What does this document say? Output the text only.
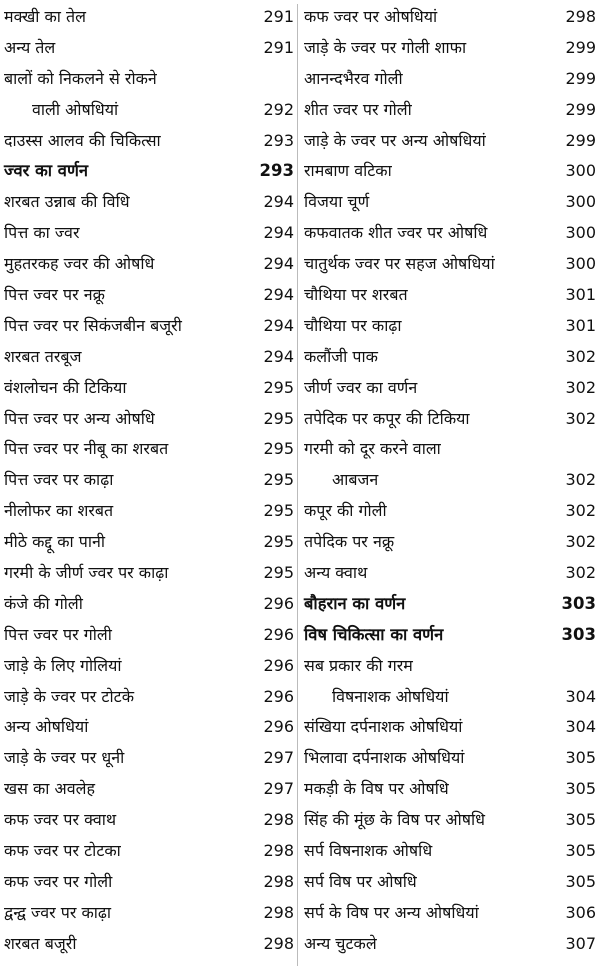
मक्खी का तेल	291
अन्य तेल	291
बालों को निकलने से रोकने
वाली ओषधियां	292
दाउस्स आलव की चिकित्सा	293
ज्वर का वर्णन	293
शरबत उन्नाब की विधि	294
पित्त का ज्वर	294
मुहतरकह ज्वर की ओषधि	294
पित्त ज्वर पर नक्रू	294
पित्त ज्वर पर सिकंजबीन बजूरी	294
शरबत तरबूज	294
वंशलोचन की टिकिया	295
पित्त ज्वर पर अन्य ओषधि	295
पित्त ज्वर पर नीबू का शरबत	295
पित्त ज्वर पर काढ़ा	295
नीलोफर का शरबत	295
मीठे कद्दू का पानी	295
गरमी के जीर्ण ज्वर पर काढ़ा	295
कंजे की गोली	296
पित्त ज्वर पर गोली	296
जाड़े के लिए गोलियां	296
जाड़े के ज्वर पर टोटके	296
अन्य ओषधियां	296
जाड़े के ज्वर पर धूनी	297
खस का अवलेह	297
कफ ज्वर पर क्वाथ	298
कफ ज्वर पर टोटका	298
कफ ज्वर पर गोली	298
द्वन्द्व ज्वर पर काढ़ा	298
शरबत बजूरी	298
कफ ज्वर पर ओषधियां	298
जाड़े के ज्वर पर गोली शाफा	299
आनन्दभैरव गोली	299
शीत ज्वर पर गोली	299
जाड़े के ज्वर पर अन्य ओषधियां	299
रामबाण वटिका	300
विजया चूर्ण	300
कफवातक शीत ज्वर पर ओषधि	300
चातुर्थक ज्वर पर सहज ओषधियां	300
चौथिया पर शरबत	301
चौथिया पर काढ़ा	301
कलौंजी पाक	302
जीर्ण ज्वर का वर्णन	302
तपेदिक पर कपूर की टिकिया	302
गरमी को दूर करने वाला
आबजन	302
कपूर की गोली	302
तपेदिक पर नक्रू	302
अन्य क्वाथ	302
बौहरान का वर्णन	303
विष चिकित्सा का वर्णन	303
सब प्रकार की गरम
विषनाशक ओषधियां	304
संखिया दर्पनाशक ओषधियां	304
भिलावा दर्पनाशक ओषधियां	305
मकड़ी के विष पर ओषधि	305
सिंह की मूंछ के विष पर ओषधि	305
सर्प विषनाशक ओषधि	305
सर्प विष पर ओषधि	305
सर्प के विष पर अन्य ओषधियां	306
अन्य चुटकले	307
